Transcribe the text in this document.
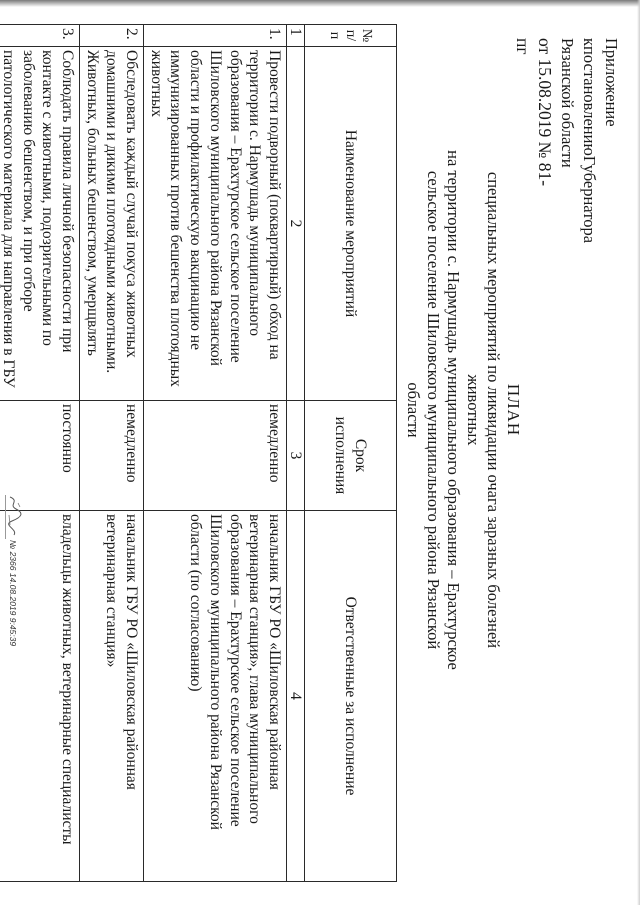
Приложение
к
постановлению
Губернатора
Рязанской области
от 15.08.2019 № 81-пг
ПЛАН
специальных мероприятий по ликвидации очага заразных болезней животных
на территории с. Нармушадь муниципального образования – Ерахтурское
сельское поселение Шиловского муниципального района Рязанской области
№ п/п	Наименование мероприятий	Срок исполнения	Ответственные за исполнение
1	2	3	4
1.	Провести подворный (поквартирный) обход на территории с. Нармушадь муниципального образования – Ерахтурское сельское поселение Шиловского муниципального района Рязанской области и профилактическую вакцинацию не иммунизированных против бешенства плотоядных животных	немедленно	начальник ГБУ РО «Шиловская районная ветеринарная станция», глава муниципального образования – Ерахтурское сельское поселение Шиловского муниципального района Рязанской области (по согласованию)
2.	Обследовать каждый случай покуса животных домашними и дикими плотоядными животными. Животных, больных бешенством, умерщвлять	немедленно	начальник ГБУ РО «Шиловская районная ветеринарная станция»
3.	Соблюдать правила личной безопасности при контакте с животными, подозрительными по заболеванию бешенством, и при отборе патологического материала для направления в ГБУ	постоянно	владельцы животных, ветеринарные специалисты
№ 2366 14.08.2019 9:45:39
